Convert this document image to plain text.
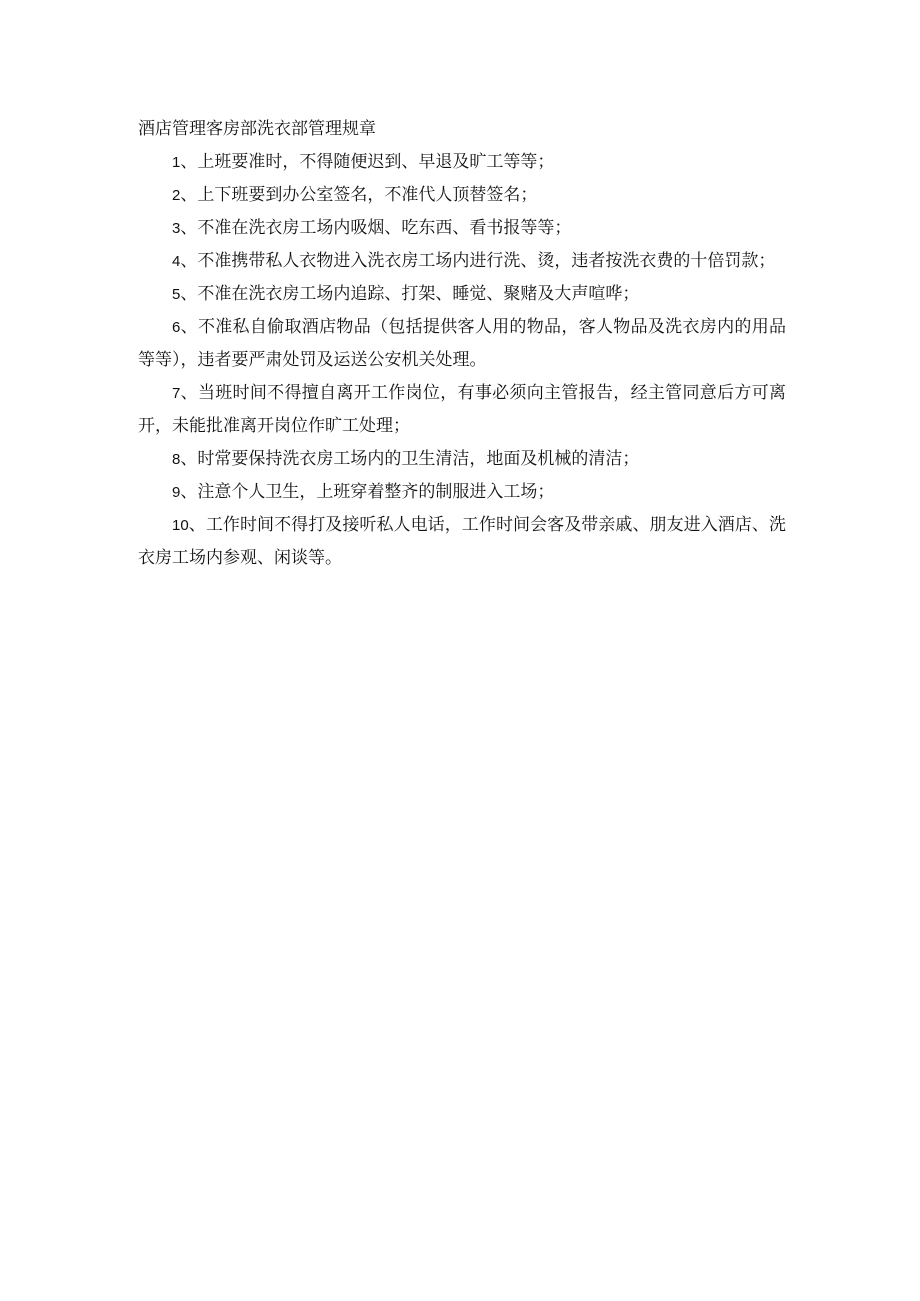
酒店管理客房部洗衣部管理规章

1、上班要准时，不得随便迟到、早退及旷工等等；

2、上下班要到办公室签名，不准代人顶替签名；

3、不准在洗衣房工场内吸烟、吃东西、看书报等等；

4、不准携带私人衣物进入洗衣房工场内进行洗、烫，违者按洗衣费的十倍罚款；

5、不准在洗衣房工场内追踪、打架、睡觉、聚赌及大声喧哗；

6、不准私自偷取酒店物品（包括提供客人用的物品，客人物品及洗衣房内的用品等等），违者要严肃处罚及运送公安机关处理。

7、当班时间不得擅自离开工作岗位，有事必须向主管报告，经主管同意后方可离开，未能批准离开岗位作旷工处理；

8、时常要保持洗衣房工场内的卫生清洁，地面及机械的清洁；

9、注意个人卫生，上班穿着整齐的制服进入工场；

10、工作时间不得打及接听私人电话，工作时间会客及带亲戚、朋友进入酒店、洗衣房工场内参观、闲谈等。
